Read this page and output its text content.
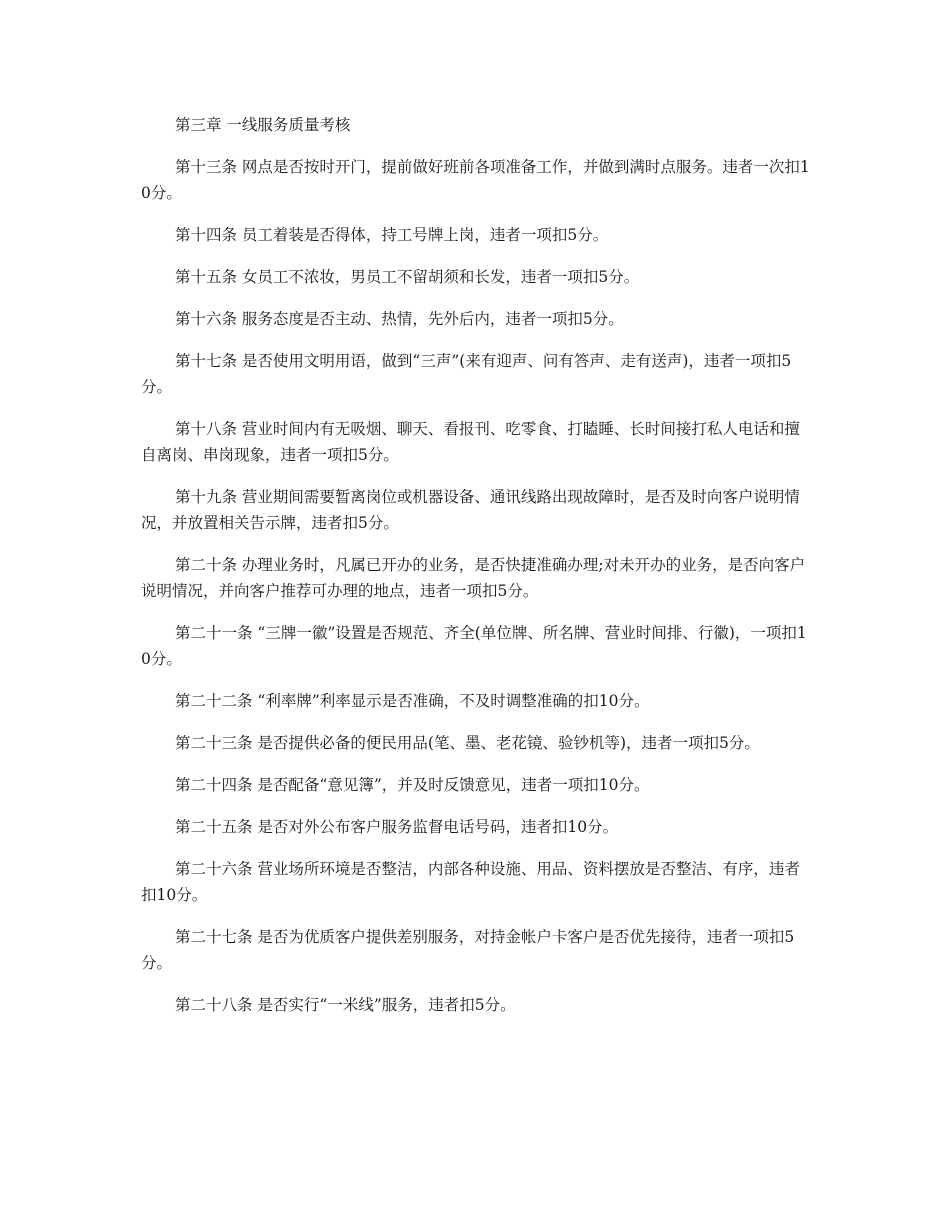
第三章 一线服务质量考核

第十三条 网点是否按时开门，提前做好班前各项准备工作，并做到满时点服务。违者一次扣10分。

第十四条 员工着装是否得体，持工号牌上岗，违者一项扣5分。

第十五条 女员工不浓妆，男员工不留胡须和长发，违者一项扣5分。

第十六条 服务态度是否主动、热情，先外后内，违者一项扣5分。

第十七条 是否使用文明用语，做到“三声”(来有迎声、问有答声、走有送声)，违者一项扣5分。

第十八条 营业时间内有无吸烟、聊天、看报刊、吃零食、打瞌睡、长时间接打私人电话和擅自离岗、串岗现象，违者一项扣5分。

第十九条 营业期间需要暂离岗位或机器设备、通讯线路出现故障时，是否及时向客户说明情况，并放置相关告示牌，违者扣5分。

第二十条 办理业务时，凡属已开办的业务，是否快捷准确办理;对未开办的业务，是否向客户说明情况，并向客户推荐可办理的地点，违者一项扣5分。

第二十一条 “三牌一徽”设置是否规范、齐全(单位牌、所名牌、营业时间排、行徽)，一项扣10分。

第二十二条 “利率牌”利率显示是否准确，不及时调整准确的扣10分。

第二十三条 是否提供必备的便民用品(笔、墨、老花镜、验钞机等)，违者一项扣5分。

第二十四条 是否配备“意见簿”，并及时反馈意见，违者一项扣10分。

第二十五条 是否对外公布客户服务监督电话号码，违者扣10分。

第二十六条 营业场所环境是否整洁，内部各种设施、用品、资料摆放是否整洁、有序，违者扣10分。

第二十七条 是否为优质客户提供差别服务，对持金帐户卡客户是否优先接待，违者一项扣5分。

第二十八条 是否实行“一米线”服务，违者扣5分。
